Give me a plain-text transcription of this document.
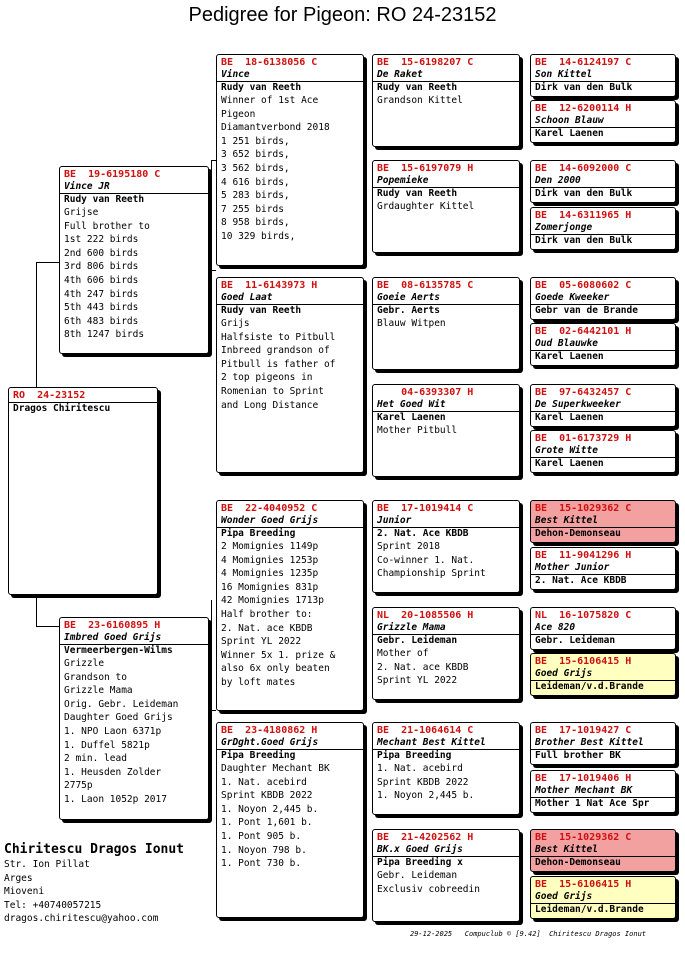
Pedigree for Pigeon: RO 24-23152
RO  24-23152
Dragos Chiritescu
BE  19-6195180 C
Vince JR
Rudy van Reeth
Grijse
Full brother to
1st 222 birds
2nd 600 birds
3rd 806 birds
4th 606 birds
4th 247 birds
5th 443 birds
6th 483 birds
8th 1247 birds
BE  23-6160895 H
Imbred Goed Grijs
Vermeerbergen-Wilms
Grizzle
Grandson to
Grizzle Mama
Orig. Gebr. Leideman
Daughter Goed Grijs
1. NPO Laon 6371p
1. Duffel 5821p
2 min. lead
1. Heusden Zolder
2775p
1. Laon 1052p 2017
BE  18-6138056 C
Vince
Rudy van Reeth
Winner of 1st Ace
Pigeon
Diamantverbond 2018
1 251 birds,
3 652 birds,
3 562 birds,
4 616 birds,
5 283 birds,
7 255 birds
8 958 birds,
10 329 birds,
BE  11-6143973 H
Goed Laat
Rudy van Reeth
Grijs
Halfsiste to Pitbull
Inbreed grandson of
Pitbull is father of
2 top pigeons in
Romenian to Sprint
and Long Distance
BE  22-4040952 C
Wonder Goed Grijs
Pipa Breeding
2 Momignies 1149p
4 Momignies 1253p
4 Momignies 1235p
16 Momignies 831p
42 Momignies 1713p
Half brother to:
2. Nat. ace KBDB
Sprint YL 2022
Winner 5x 1. prize &
also 6x only beaten
by loft mates
BE  23-4180862 H
GrDght.Goed Grijs
Pipa Breeding
Daughter Mechant BK
1. Nat. acebird
Sprint KBDB 2022
1. Noyon 2,445 b.
1. Pont 1,601 b.
1. Pont 905 b.
1. Noyon 798 b.
1. Pont 730 b.
BE  15-6198207 C
De Raket
Rudy van Reeth
Grandson Kittel
BE  15-6197079 H
Popemieke
Rudy van Reeth
Grdaughter Kittel
BE  08-6135785 C
Goeie Aerts
Gebr. Aerts
Blauw Witpen
04-6393307 H
Het Goed Wit
Karel Laenen
Mother Pitbull
BE  17-1019414 C
Junior
2. Nat. Ace KBDB
Sprint 2018
Co-winner 1. Nat.
Championship Sprint
NL  20-1085506 H
Grizzle Mama
Gebr. Leideman
Mother of
2. Nat. ace KBDB
Sprint YL 2022
BE  21-1064614 C
Mechant Best Kittel
Pipa Breeding
1. Nat. acebird
Sprint KBDB 2022
1. Noyon 2,445 b.
BE  21-4202562 H
BK.x Goed Grijs
Pipa Breeding x
Gebr. Leideman
Exclusiv cobreedin
BE  14-6124197 C
Son Kittel
Dirk van den Bulk
BE  12-6200114 H
Schoon Blauw
Karel Laenen
BE  14-6092000 C
Den 2000
Dirk van den Bulk
BE  14-6311965 H
Zomerjonge
Dirk van den Bulk
BE  05-6080602 C
Goede Kweeker
Gebr van de Brande
BE  02-6442101 H
Oud Blauwke
Karel Laenen
BE  97-6432457 C
De Superkweeker
Karel Laenen
BE  01-6173729 H
Grote Witte
Karel Laenen
BE  15-1029362 C
Best Kittel
Dehon-Demonseau
BE  11-9041296 H
Mother Junior
2. Nat. Ace KBDB
NL  16-1075820 C
Ace 820
Gebr. Leideman
BE  15-6106415 H
Goed Grijs
Leideman/v.d.Brande
BE  17-1019427 C
Brother Best Kittel
Full brother BK
BE  17-1019406 H
Mother Mechant BK
Mother 1 Nat Ace Spr
BE  15-1029362 C
Best Kittel
Dehon-Demonseau
BE  15-6106415 H
Goed Grijs
Leideman/v.d.Brande
Chiritescu Dragos Ionut
Str. Ion Pillat
Arges
Mioveni
Tel: +40740057215
dragos.chiritescu@yahoo.com
29-12-2025   Compuclub © [9.42]  Chiritescu Dragos Ionut
